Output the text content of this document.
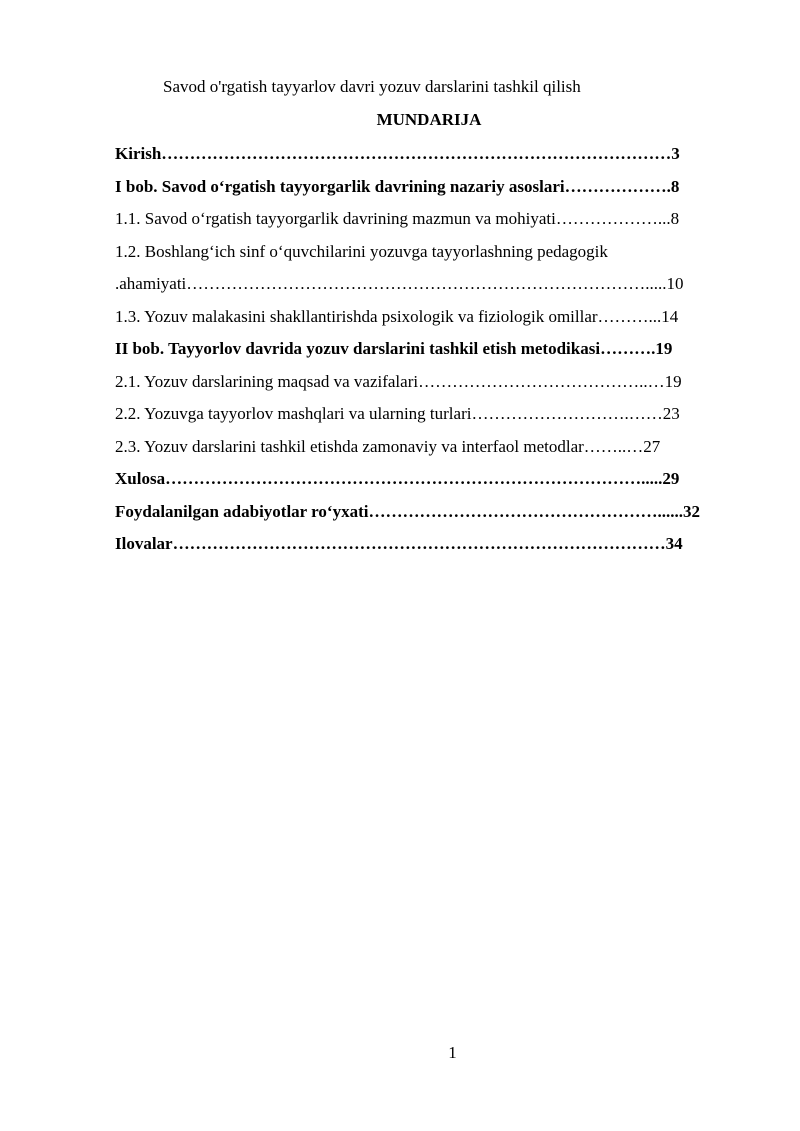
Savod o'rgatish tayyarlov davri yozuv darslarini tashkil qilish
MUNDARIJA
Kirish………………………………………………………………………………3
I bob. Savod o‘rgatish tayyorgarlik davrining nazariy asoslari……………….8
1.1. Savod o‘rgatish tayyorgarlik davrining mazmun va mohiyati………………...8
1.2. Boshlang‘ich sinf o‘quvchilarini yozuvga tayyorlashning pedagogik
.ahamiyati……………………………………………………………………….....10
1.3. Yozuv malakasini shakllantirishda psixologik va fiziologik omillar………...14
II bob. Tayyorlov davrida yozuv darslarini tashkil etish metodikasi……….19
2.1. Yozuv darslarining maqsad va vazifalari…………………………………..…19
2.2. Yozuvga tayyorlov mashqlari va ularning turlari……………………….……23
2.3. Yozuv darslarini tashkil etishda zamonaviy va interfaol metodlar……..…27
Xulosa………………………………………………………………………….....29
Foydalanilgan adabiyotlar ro‘yxati……………………………………………......32
Ilovalar……………………………………………………………………………34
1
